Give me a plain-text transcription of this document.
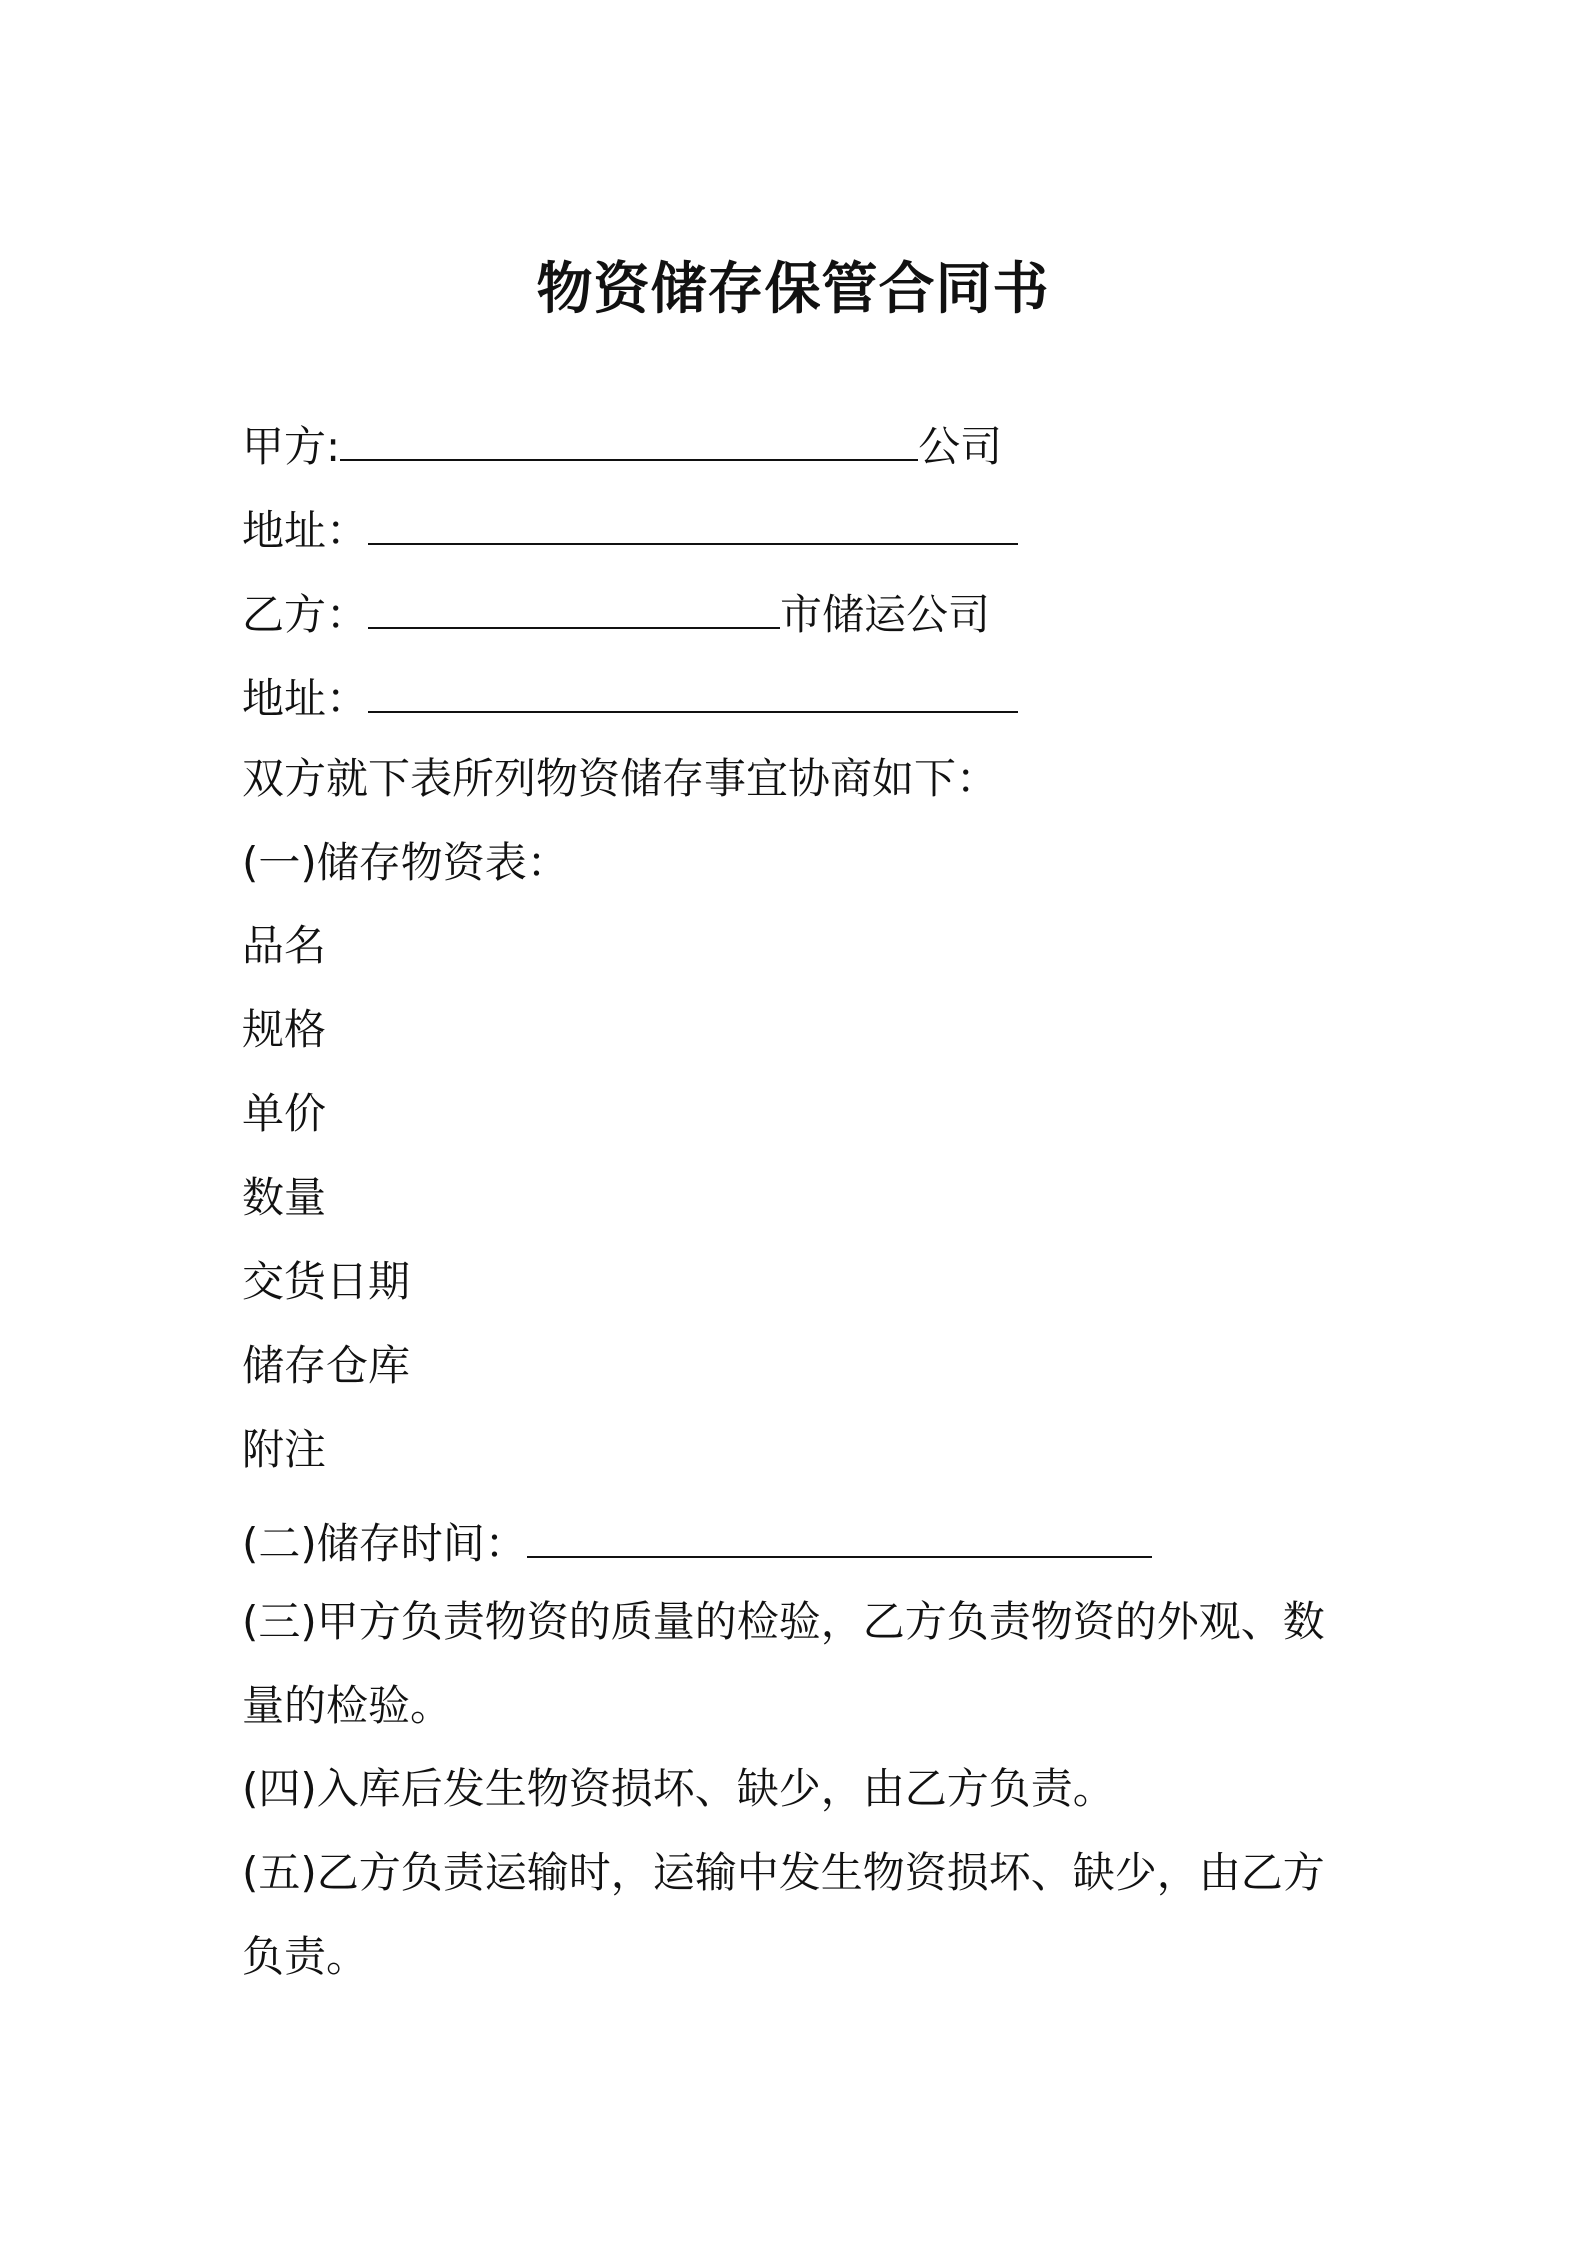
物资储存保管合同书
甲方:	公司
地址：
乙方：	市储运公司
地址：
双方就下表所列物资储存事宜协商如下：
(一)储存物资表：
品名
规格
单价
数量
交货日期
储存仓库
附注
(二)储存时间：
(三)甲方负责物资的质量的检验，乙方负责物资的外观、数量的检验。
(四)入库后发生物资损坏、缺少，由乙方负责。
(五)乙方负责运输时，运输中发生物资损坏、缺少，由乙方负责。
